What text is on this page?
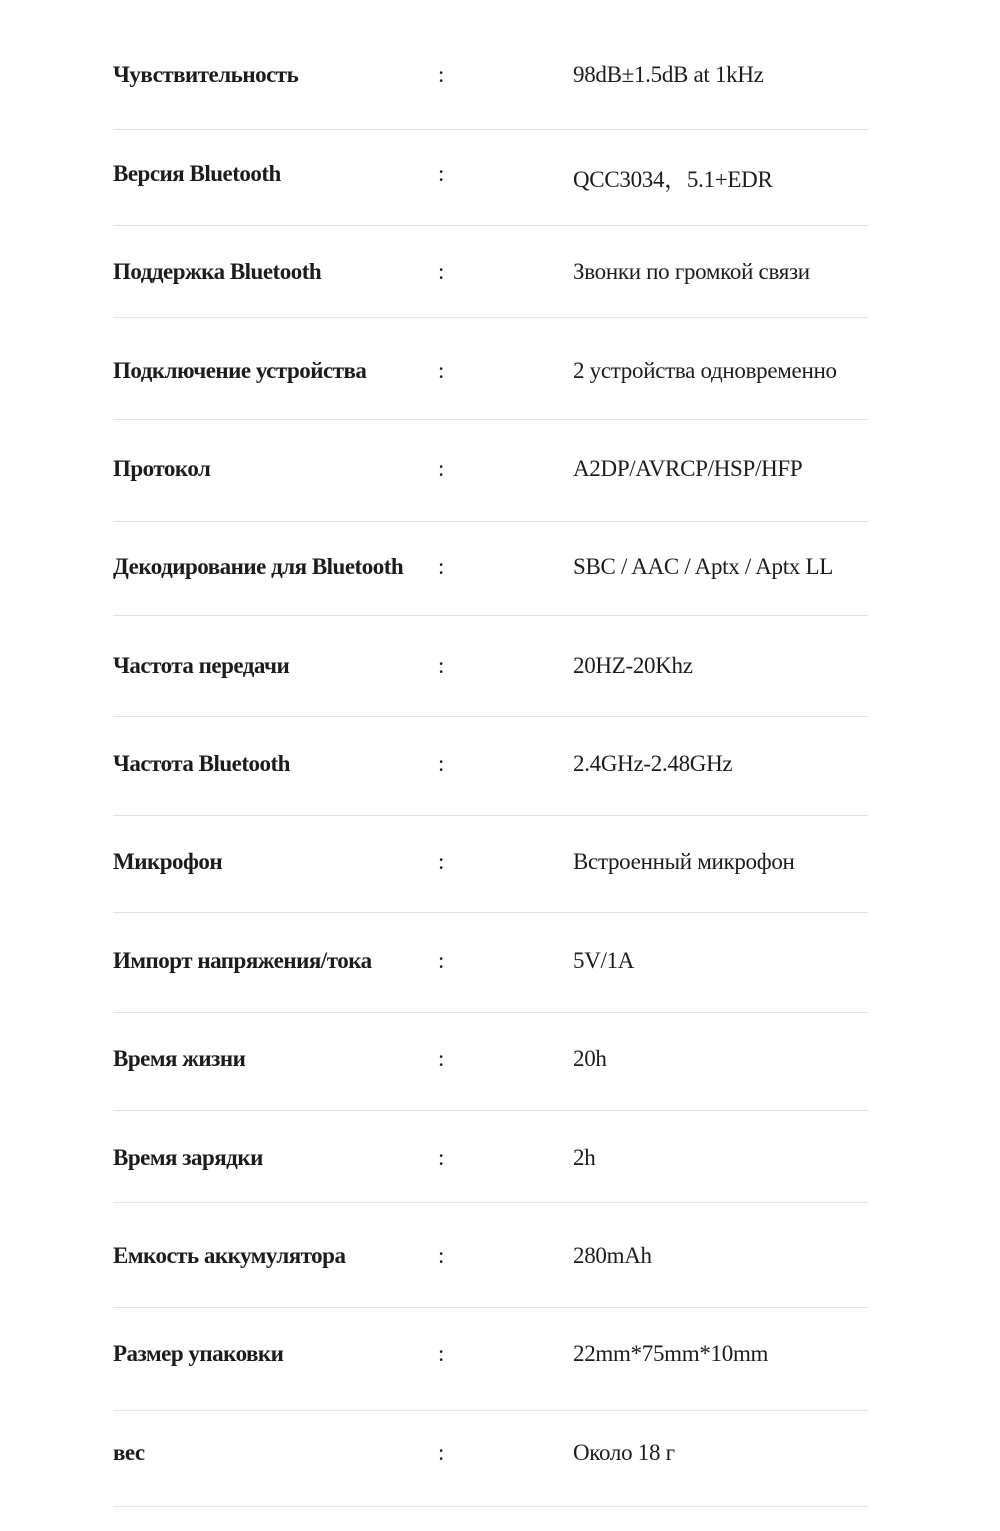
Чувствительность	:	98dB±1.5dB at 1kHz
Версия Bluetooth	:	QCC3034，5.1+EDR
Поддержка Bluetooth	:	Звонки по громкой связи
Подключение устройства	:	2 устройства одновременно
Протокол	:	A2DP/AVRCP/HSP/HFP
Декодирование для Bluetooth :	SBC / AAC / Aptx / Aptx LL
Частота передачи	:	20HZ-20Khz
Частота Bluetooth	:	2.4GHz-2.48GHz
Микрофон	:	Встроенный микрофон
Импорт напряжения/тока	:	5V/1A
Время жизни	:	20h
Время зарядки	:	2h
Емкость аккумулятора	:	280mAh
Размер упаковки	:	22mm*75mm*10mm
вес	:	Около 18 г
